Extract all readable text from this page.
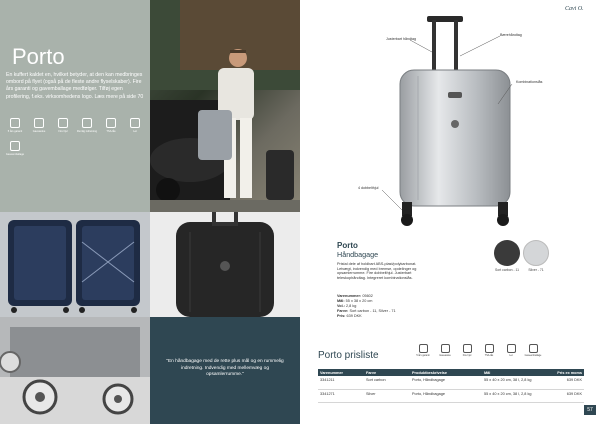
Porto

En kuffert kaldet en, hvilket betyder, at den kan medbringes ombord på flyet (også på de fleste andre flyselskaber). Fire års garanti og gavemballage medfølger. Tilføj egen profilering, f.eks. virksomhedens logo. Læs mere på side 70

5 års garanti	Gaveæske	Fire hjul	Rumlig indretning	TSA-lås	Let
Gaveemballage

"En håndbagage med de rette plus mål og en rummelig indretning. Indvendig med mellemvæg og opsamlerrumme."

Cavi O.
Justerbart håndtag
Bærehåndtag
Kombinationslås
4 dobbelthjul
Porto
Håndbagage
Pristal dele af holdbart ABS-plast/polykarbonat. Letvægt, indvendig med bremse, opdelinger og opsamlerrumme. Fire dobbelthjul. Justerbart teleskophåndtag. Integreret kombinationslås.
Varenummer: 05602
Mål: 55 x 38 x 20 cm
Vol.: 2,8 kg
Farve: Sort carbon - 11, Silver - 71
Pris: 639 DKK
Sort carbon - 11	Silver - 71
Porto prisliste	5 års garanti	Gaveæske	Fire hjul	TSA-lås	Let	Gaveemballage
Varenummer	Farve	Produktbeskrivelse	Mål	Pris ex moms
3341211	Sort carbon	Porto, Håndbagage	55 x 40 x 20 cm, 38 l, 2,8 kg	639 DKK
3341271	Silver	Porto, Håndbagage	55 x 40 x 20 cm, 38 l, 2,8 kg	639 DKK
57
